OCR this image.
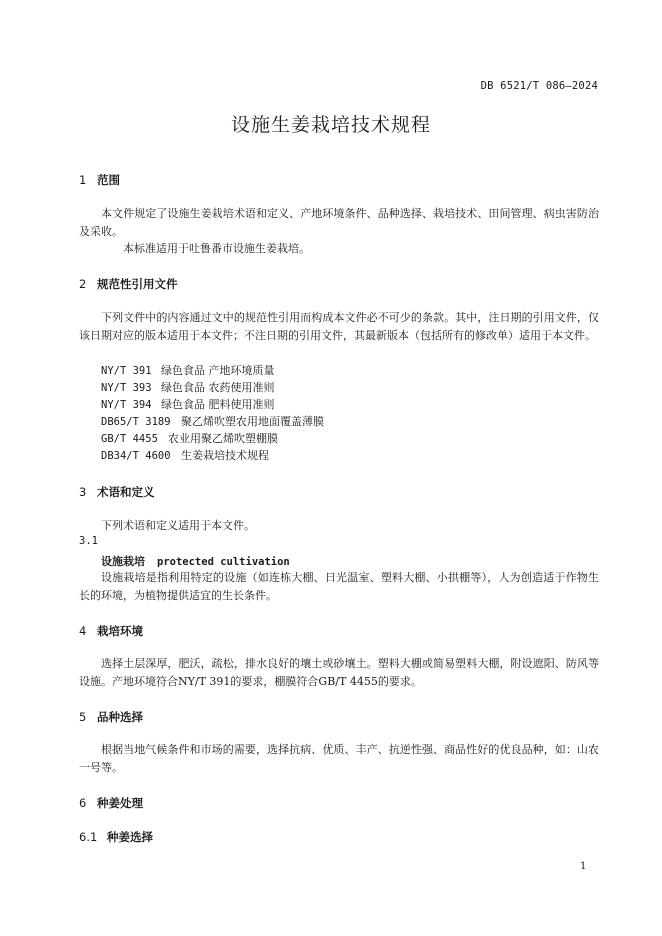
DB 6521/T 086—2024
设施生姜栽培技术规程
1 范围
本文件规定了设施生姜栽培术语和定义、产地环境条件、品种选择、栽培技术、田间管理、病虫害防治及采收。
本标准适用于吐鲁番市设施生姜栽培。
2 规范性引用文件
下列文件中的内容通过文中的规范性引用而构成本文件必不可少的条款。其中，注日期的引用文件，仅该日期对应的版本适用于本文件；不注日期的引用文件，其最新版本（包括所有的修改单）适用于本文件。
NY/T 391 绿色食品 产地环境质量
NY/T 393 绿色食品 农药使用准则
NY/T 394 绿色食品 肥料使用准则
DB65/T 3189 聚乙烯吹塑农用地面覆盖薄膜
GB/T 4455 农业用聚乙烯吹塑棚膜
DB34/T 4600 生姜栽培技术规程
3 术语和定义
下列术语和定义适用于本文件。
3.1
设施栽培 protected cultivation
设施栽培是指利用特定的设施（如连栋大棚、日光温室、塑料大棚、小拱棚等），人为创造适于作物生长的环境，为植物提供适宜的生长条件。
4 栽培环境
选择土层深厚，肥沃，疏松，排水良好的壤土或砂壤土。塑料大棚或简易塑料大棚，附设遮阳、防风等设施。产地环境符合NY/T 391的要求，棚膜符合GB/T 4455的要求。
5 品种选择
根据当地气候条件和市场的需要，选择抗病、优质、丰产、抗逆性强、商品性好的优良品种，如：山农一号等。
6 种姜处理
6.1 种姜选择
1
